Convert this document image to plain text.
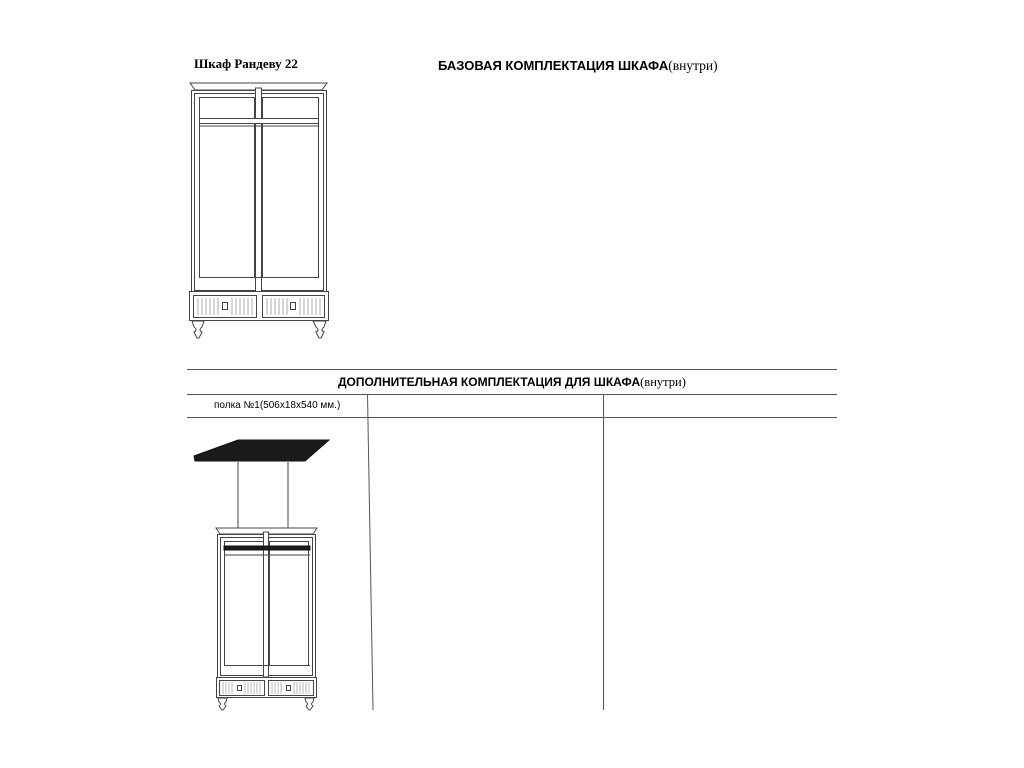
Шкаф Рандеву 22	БАЗОВАЯ КОМПЛЕКТАЦИЯ ШКАФА(внутри)
ДОПОЛНИТЕЛЬНАЯ КОМПЛЕКТАЦИЯ ДЛЯ ШКАФА(внутри)
полка №1(506х18х540 мм.)
